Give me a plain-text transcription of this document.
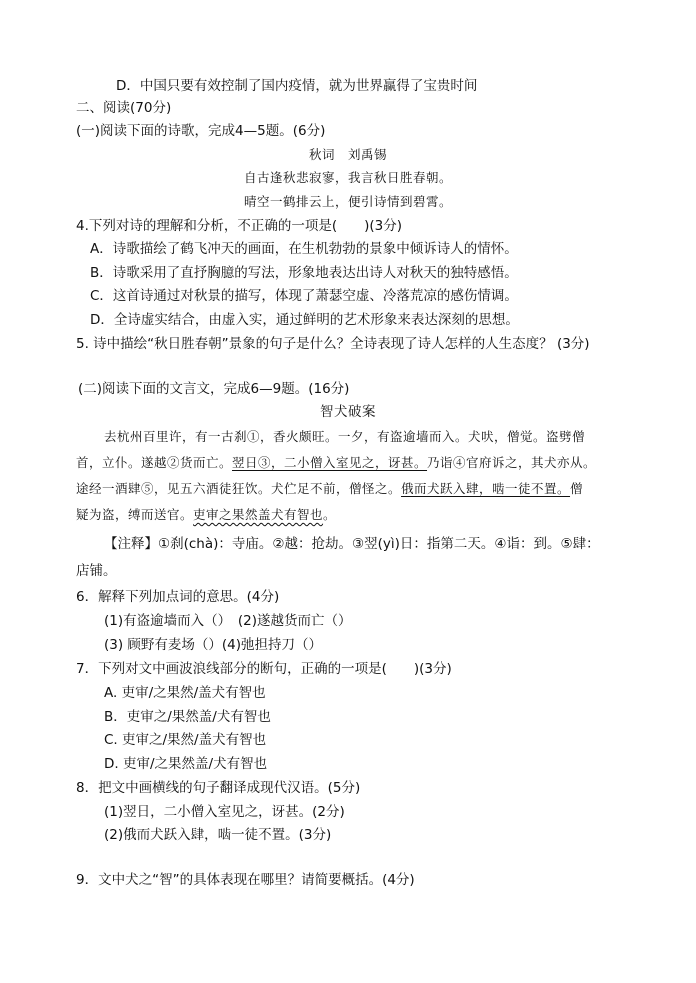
D．中国只要有效控制了国内疫情，就为世界赢得了宝贵时间
二、阅读(70分)
(一)阅读下面的诗歌，完成4—5题。(6分)
秋词　刘禹锡
自古逢秋悲寂寥，我言秋日胜春朝。
晴空一鹤排云上，便引诗情到碧霄。
4.下列对诗的理解和分析，不正确的一项是(　　)(3分)
A．诗歌描绘了鹤飞冲天的画面，在生机勃勃的景象中倾诉诗人的情怀。
B．诗歌采用了直抒胸臆的写法，形象地表达出诗人对秋天的独特感悟。
C．这首诗通过对秋景的描写，体现了萧瑟空虚、冷落荒凉的感伤情调。
D．全诗虚实结合，由虚入实，通过鲜明的艺术形象来表达深刻的思想。
5. 诗中描绘“秋日胜春朝”景象的句子是什么？全诗表现了诗人怎样的人生态度？ (3分)
(二)阅读下面的文言文，完成6—9题。(16分)
智犬破案
去杭州百里许，有一古刹①，香火颇旺。一夕，有盗逾墙而入。犬吠，僧觉。盗劈僧
首，立仆。遂越②货而亡。翌日③，二小僧入室见之，讶甚。乃诣④官府诉之，其犬亦从。
途经一酒肆⑤，见五六酒徒狂饮。犬伫足不前，僧怪之。俄而犬跃入肆，啮一徒不置。僧
疑为盗，缚而送官。吏审之果然盖犬有智也。
【注释】①刹(chà)：寺庙。②越：抢劫。③翌(yì)日：指第二天。④诣：到。⑤肆：
店铺。
6．解释下列加点词的意思。(4分)
(1)有盗逾墙而入（）　(2)遂越货而亡（）
(3) 顾野有麦场（）(4)弛担持刀（）
7．下列对文中画波浪线部分的断句，正确的一项是(　　)(3分)
A. 吏审/之果然/盖犬有智也
B．吏审之/果然盖/犬有智也
C. 吏审之/果然/盖犬有智也
D. 吏审/之果然盖/犬有智也
8．把文中画横线的句子翻译成现代汉语。(5分)
(1)翌日，二小僧入室见之，讶甚。(2分)
(2)俄而犬跃入肆，啮一徒不置。(3分)
9．文中犬之“智”的具体表现在哪里？请简要概括。(4分)
